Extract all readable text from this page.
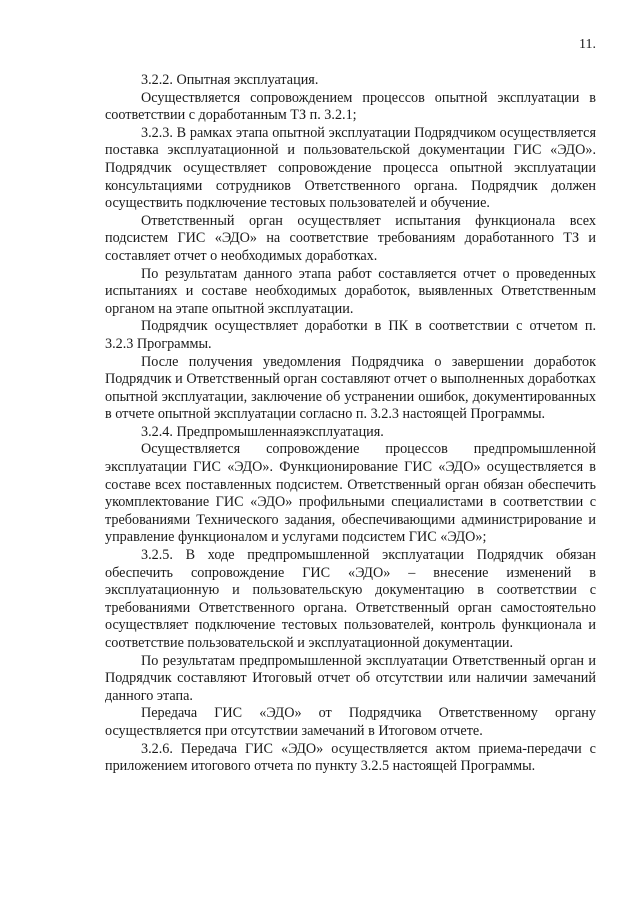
11.

3.2.2. Опытная эксплуатация.

Осуществляется сопровождением процессов опытной эксплуатации в соответствии с доработанным ТЗ п. 3.2.1;

3.2.3. В рамках этапа опытной эксплуатации Подрядчиком осуществляется поставка эксплуатационной и пользовательской документации ГИС «ЭДО». Подрядчик осуществляет сопровождение процесса опытной эксплуатации консультациями сотрудников Ответственного органа. Подрядчик должен осуществить подключение тестовых пользователей и обучение.

Ответственный орган осуществляет испытания функционала всех подсистем ГИС «ЭДО» на соответствие требованиям доработанного ТЗ и составляет отчет о необходимых доработках.

По результатам данного этапа работ составляется отчет о проведенных испытаниях и составе необходимых доработок, выявленных Ответственным органом на этапе опытной эксплуатации.

Подрядчик осуществляет доработки в ПК в соответствии с отчетом п. 3.2.3 Программы.

После получения уведомления Подрядчика о завершении доработок Подрядчик и Ответственный орган составляют отчет о выполненных доработках опытной эксплуатации, заключение об устранении ошибок, документированных в отчете опытной эксплуатации согласно п. 3.2.3 настоящей Программы.

3.2.4. Предпромышленнаяэксплуатация.

Осуществляется сопровождение процессов предпромышленной эксплуатации ГИС «ЭДО». Функционирование ГИС «ЭДО» осуществляется в составе всех поставленных подсистем. Ответственный орган обязан обеспечить укомплектование ГИС «ЭДО» профильными специалистами в соответствии с требованиями Технического задания, обеспечивающими администрирование и управление функционалом и услугами подсистем ГИС «ЭДО»;

3.2.5. В ходе предпромышленной эксплуатации Подрядчик обязан обеспечить сопровождение ГИС «ЭДО» – внесение изменений в эксплуатационную и пользовательскую документацию в соответствии с требованиями Ответственного органа. Ответственный орган самостоятельно осуществляет подключение тестовых пользователей, контроль функционала и соответствие пользовательской и эксплуатационной документации.

По результатам предпромышленной эксплуатации Ответственный орган и Подрядчик составляют Итоговый отчет об отсутствии или наличии замечаний данного этапа.

Передача ГИС «ЭДО» от Подрядчика Ответственному органу осуществляется при отсутствии замечаний в Итоговом отчете.

3.2.6. Передача ГИС «ЭДО» осуществляется актом приема-передачи с приложением итогового отчета по пункту 3.2.5 настоящей Программы.
